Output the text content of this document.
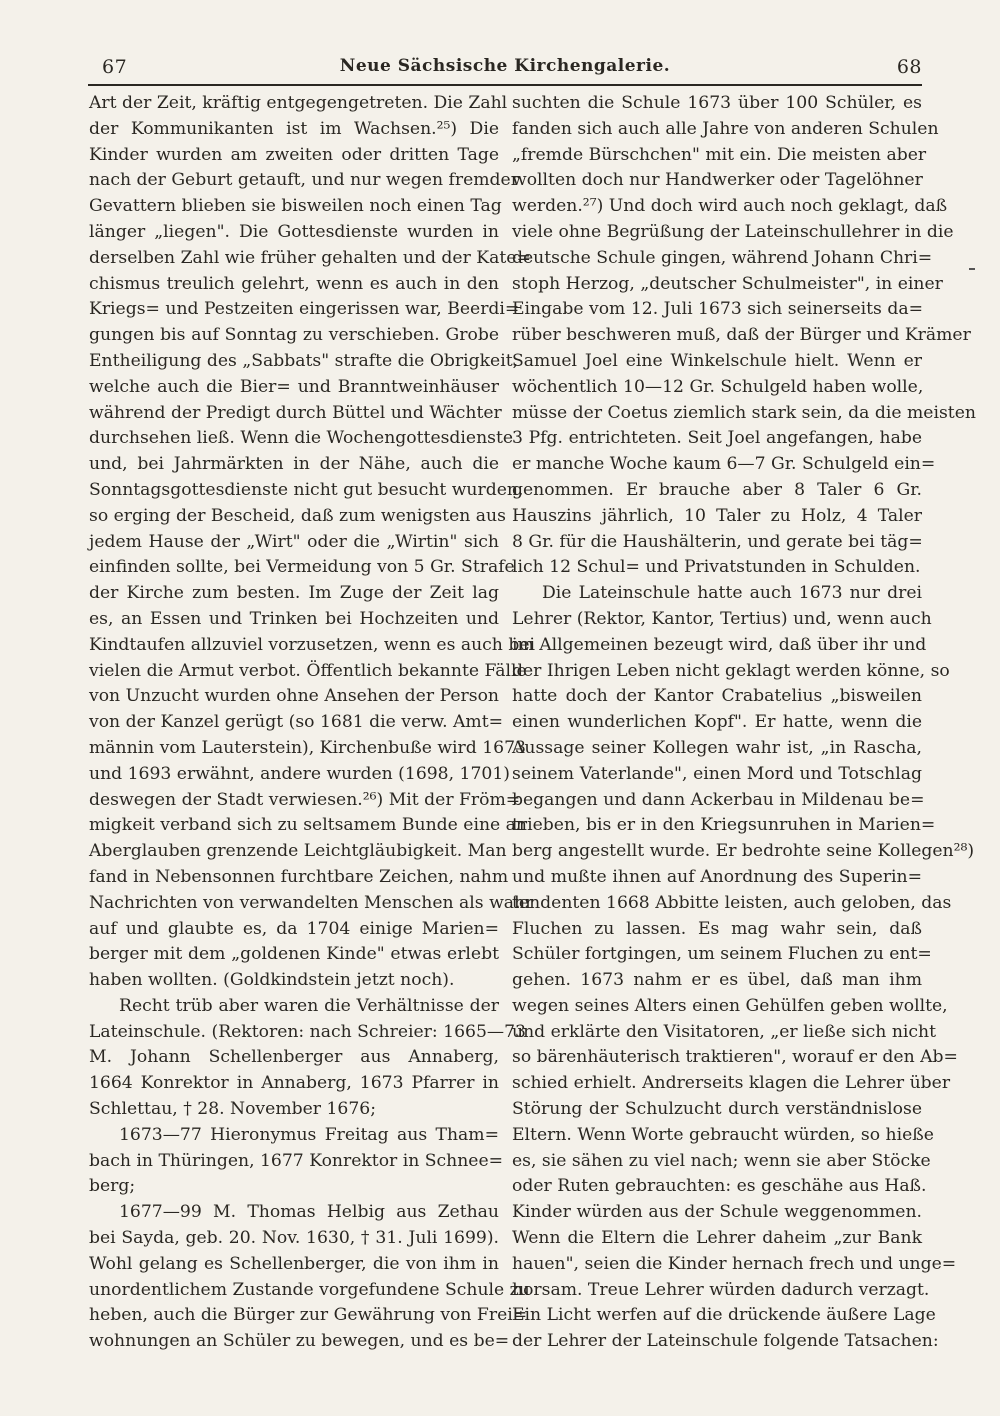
67	Neue Sächsische Kirchengalerie.	68
Art der Zeit, kräftig entgegengetreten. Die Zahl
der Kommunikanten ist im Wachsen.²⁵) Die
Kinder wurden am zweiten oder dritten Tage
nach der Geburt getauft, und nur wegen fremder
Gevattern blieben sie bisweilen noch einen Tag
länger „liegen". Die Gottesdienste wurden in
derselben Zahl wie früher gehalten und der Kate=
chismus treulich gelehrt, wenn es auch in den
Kriegs= und Pestzeiten eingerissen war, Beerdi=
gungen bis auf Sonntag zu verschieben. Grobe
Entheiligung des „Sabbats" strafte die Obrigkeit,
welche auch die Bier= und Branntweinhäuser
während der Predigt durch Büttel und Wächter
durchsehen ließ. Wenn die Wochengottesdienste
und, bei Jahrmärkten in der Nähe, auch die
Sonntagsgottesdienste nicht gut besucht wurden,
so erging der Bescheid, daß zum wenigsten aus
jedem Hause der „Wirt" oder die „Wirtin" sich
einfinden sollte, bei Vermeidung von 5 Gr. Strafe
der Kirche zum besten. Im Zuge der Zeit lag
es, an Essen und Trinken bei Hochzeiten und
Kindtaufen allzuviel vorzusetzen, wenn es auch bei
vielen die Armut verbot. Öffentlich bekannte Fälle
von Unzucht wurden ohne Ansehen der Person
von der Kanzel gerügt (so 1681 die verw. Amt=
männin vom Lauterstein), Kirchenbuße wird 1673
und 1693 erwähnt, andere wurden (1698, 1701)
deswegen der Stadt verwiesen.²⁶) Mit der Fröm=
migkeit verband sich zu seltsamem Bunde eine an
Aberglauben grenzende Leichtgläubigkeit. Man
fand in Nebensonnen furchtbare Zeichen, nahm
Nachrichten von verwandelten Menschen als wahr
auf und glaubte es, da 1704 einige Marien=
berger mit dem „goldenen Kinde" etwas erlebt
haben wollten. (Goldkindstein jetzt noch).
Recht trüb aber waren die Verhältnisse der
Lateinschule. (Rektoren: nach Schreier: 1665—73
M. Johann Schellenberger aus Annaberg,
1664 Konrektor in Annaberg, 1673 Pfarrer in
Schlettau, † 28. November 1676;
1673—77 Hieronymus Freitag aus Tham=
bach in Thüringen, 1677 Konrektor in Schnee=
berg;
1677—99 M. Thomas Helbig aus Zethau
bei Sayda, geb. 20. Nov. 1630, † 31. Juli 1699).
Wohl gelang es Schellenberger, die von ihm in
unordentlichem Zustande vorgefundene Schule zu
heben, auch die Bürger zur Gewährung von Frei=
wohnungen an Schüler zu bewegen, und es be=
suchten die Schule 1673 über 100 Schüler, es
fanden sich auch alle Jahre von anderen Schulen
„fremde Bürschchen" mit ein. Die meisten aber
wollten doch nur Handwerker oder Tagelöhner
werden.²⁷) Und doch wird auch noch geklagt, daß
viele ohne Begrüßung der Lateinschullehrer in die
deutsche Schule gingen, während Johann Chri=
stoph Herzog, „deutscher Schulmeister", in einer
Eingabe vom 12. Juli 1673 sich seinerseits da=
rüber beschweren muß, daß der Bürger und Krämer
Samuel Joel eine Winkelschule hielt. Wenn er
wöchentlich 10—12 Gr. Schulgeld haben wolle,
müsse der Coetus ziemlich stark sein, da die meisten
3 Pfg. entrichteten. Seit Joel angefangen, habe
er manche Woche kaum 6—7 Gr. Schulgeld ein=
genommen. Er brauche aber 8 Taler 6 Gr.
Hauszins jährlich, 10 Taler zu Holz, 4 Taler
8 Gr. für die Haushälterin, und gerate bei täg=
lich 12 Schul= und Privatstunden in Schulden.
Die Lateinschule hatte auch 1673 nur drei
Lehrer (Rektor, Kantor, Tertius) und, wenn auch
im Allgemeinen bezeugt wird, daß über ihr und
der Ihrigen Leben nicht geklagt werden könne, so
hatte doch der Kantor Crabatelius „bisweilen
einen wunderlichen Kopf". Er hatte, wenn die
Aussage seiner Kollegen wahr ist, „in Rascha,
seinem Vaterlande", einen Mord und Totschlag
begangen und dann Ackerbau in Mildenau be=
trieben, bis er in den Kriegsunruhen in Marien=
berg angestellt wurde. Er bedrohte seine Kollegen²⁸)
und mußte ihnen auf Anordnung des Superin=
tendenten 1668 Abbitte leisten, auch geloben, das
Fluchen zu lassen. Es mag wahr sein, daß
Schüler fortgingen, um seinem Fluchen zu ent=
gehen. 1673 nahm er es übel, daß man ihm
wegen seines Alters einen Gehülfen geben wollte,
und erklärte den Visitatoren, „er ließe sich nicht
so bärenhäuterisch traktieren", worauf er den Ab=
schied erhielt. Andrerseits klagen die Lehrer über
Störung der Schulzucht durch verständnislose
Eltern. Wenn Worte gebraucht würden, so hieße
es, sie sähen zu viel nach; wenn sie aber Stöcke
oder Ruten gebrauchten: es geschähe aus Haß.
Kinder würden aus der Schule weggenommen.
Wenn die Eltern die Lehrer daheim „zur Bank
hauen", seien die Kinder hernach frech und unge=
horsam. Treue Lehrer würden dadurch verzagt.
Ein Licht werfen auf die drückende äußere Lage
der Lehrer der Lateinschule folgende Tatsachen:
